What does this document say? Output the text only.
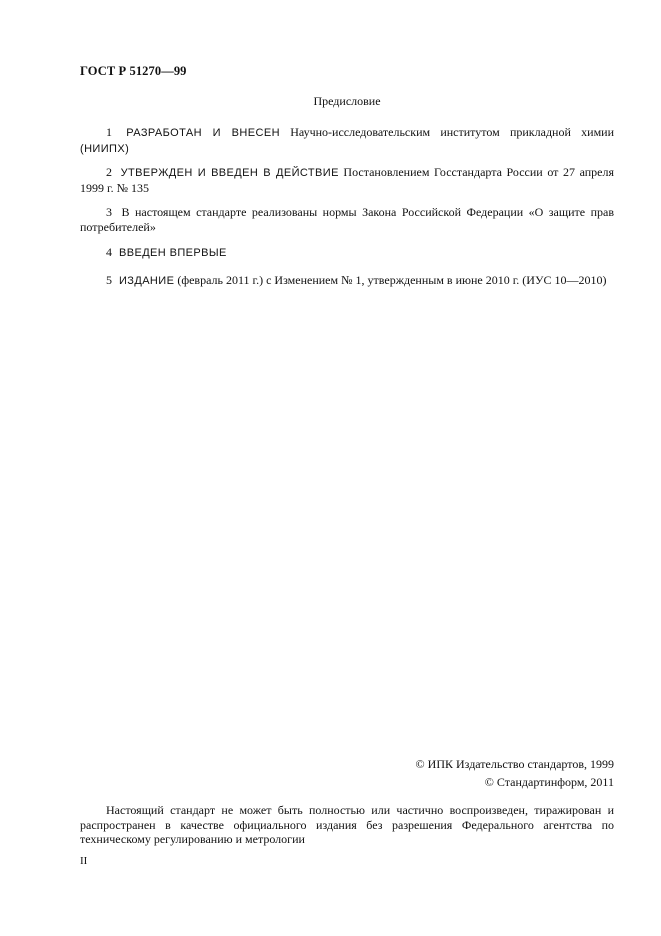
ГОСТ Р 51270—99
Предисловие
1 РАЗРАБОТАН И ВНЕСЕН Научно-исследовательским институтом прикладной химии (НИИПХ)
2 УТВЕРЖДЕН И ВВЕДЕН В ДЕЙСТВИЕ Постановлением Госстандарта России от 27 апреля 1999 г. № 135
3 В настоящем стандарте реализованы нормы Закона Российской Федерации «О защите прав потребителей»
4 ВВЕДЕН ВПЕРВЫЕ
5 ИЗДАНИЕ (февраль 2011 г.) с Изменением № 1, утвержденным в июне 2010 г. (ИУС 10—2010)
© ИПК Издательство стандартов, 1999
© Стандартинформ, 2011
Настоящий стандарт не может быть полностью или частично воспроизведен, тиражирован и распространен в качестве официального издания без разрешения Федерального агентства по техническому регулированию и метрологии
II
